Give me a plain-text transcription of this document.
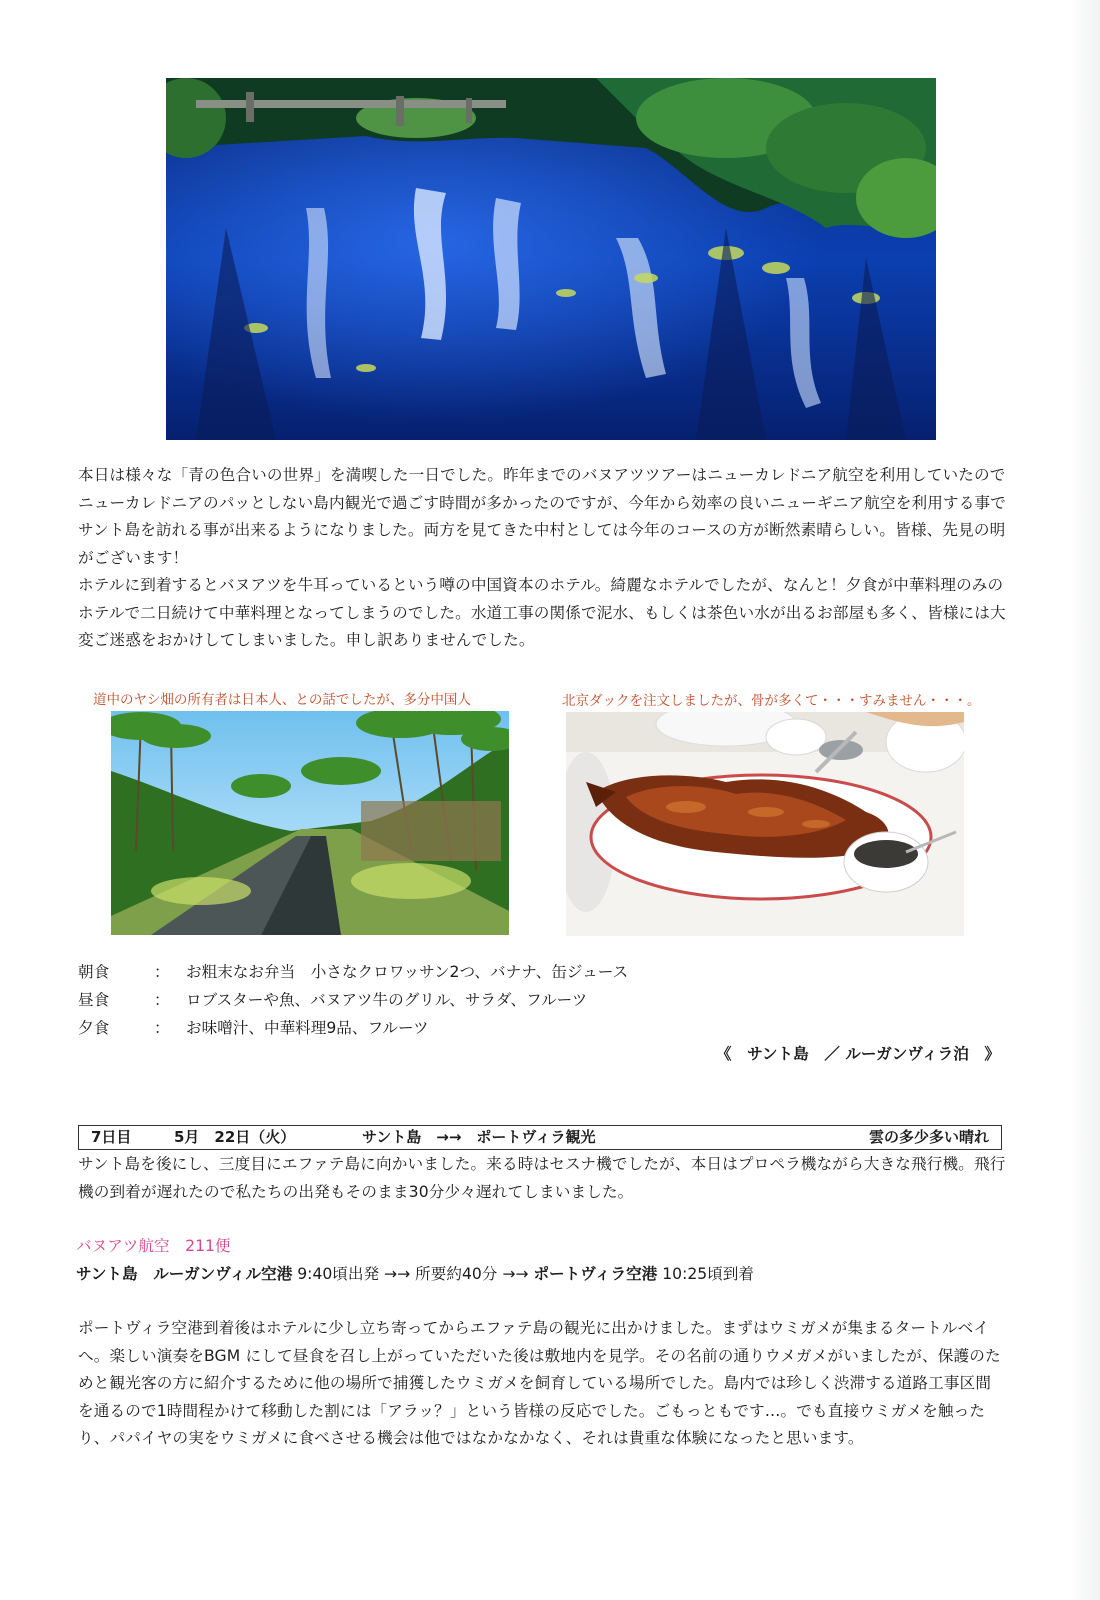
本日は様々な「青の色合いの世界」を満喫した一日でした。昨年までのバヌアツツアーはニューカレドニア航空を利用していたのでニューカレドニアのパッとしない島内観光で過ごす時間が多かったのですが、今年から効率の良いニューギニア航空を利用する事でサント島を訪れる事が出来るようになりました。両方を見てきた中村としては今年のコースの方が断然素晴らしい。皆様、先見の明がございます！

ホテルに到着するとバヌアツを牛耳っているという噂の中国資本のホテル。綺麗なホテルでしたが、なんと！夕食が中華料理のみのホテルで二日続けて中華料理となってしまうのでした。水道工事の関係で泥水、もしくは茶色い水が出るお部屋も多く、皆様には大変ご迷惑をおかけしてしまいました。申し訳ありませんでした。

道中のヤシ畑の所有者は日本人、との話でしたが、多分中国人	北京ダックを注文しましたが、骨が多くて・・・すみません・・・。
朝食	：	お粗末なお弁当　小さなクロワッサン2つ、バナナ、缶ジュース
昼食	：	ロブスターや魚、バヌアツ牛のグリル、サラダ、フルーツ
夕食	：	お味噌汁、中華料理9品、フルーツ
《　サント島　／ ルーガンヴィラ泊　》
7日目	5月　22日（火）	サント島　→→　ポートヴィラ観光	雲の多少多い晴れ

サント島を後にし、三度目にエファテ島に向かいました。来る時はセスナ機でしたが、本日はプロペラ機ながら大きな飛行機。飛行機の到着が遅れたので私たちの出発もそのまま30分少々遅れてしまいました。

バヌアツ航空　211便
サント島　ルーガンヴィル空港 9:40頃出発 →→ 所要約40分 →→ ポートヴィラ空港 10:25頃到着

ポートヴィラ空港到着後はホテルに少し立ち寄ってからエファテ島の観光に出かけました。まずはウミガメが集まるタートルベイへ。楽しい演奏をBGM にして昼食を召し上がっていただいた後は敷地内を見学。その名前の通りウメガメがいましたが、保護のためと観光客の方に紹介するために他の場所で捕獲したウミガメを飼育している場所でした。島内では珍しく渋滞する道路工事区間を通るので1時間程かけて移動した割には「アラッ？」という皆様の反応でした。ごもっともです…。でも直接ウミガメを触ったり、パパイヤの実をウミガメに食べさせる機会は他ではなかなかなく、それは貴重な体験になったと思います。
